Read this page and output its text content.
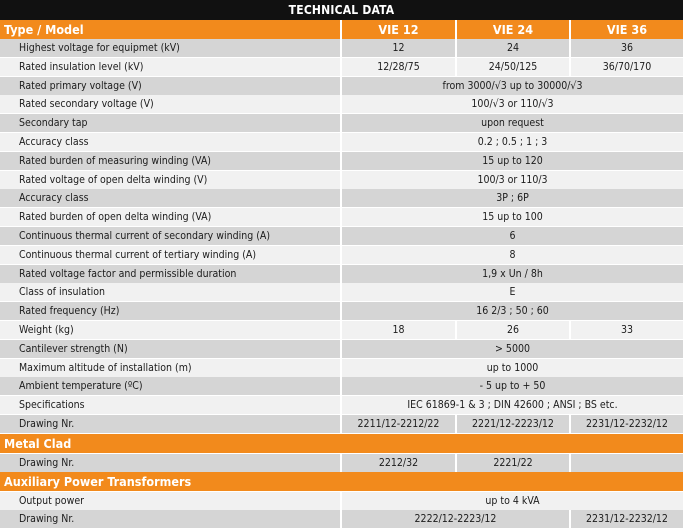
TECHNICAL DATA
Type / Model	VIE 12	VIE 24	VIE 36
Highest voltage for equipmet (kV)	12	24	36
Rated insulation level (kV)	12/28/75	24/50/125	36/70/170
Rated primary voltage (V)	from 3000/√3 up to 30000/√3
Rated secondary voltage (V)	100/√3 or 110/√3
Secondary tap	upon request
Accuracy class	0.2 ; 0.5 ; 1 ; 3
Rated burden of measuring winding (VA)	15 up to 120
Rated voltage of open delta winding (V)	100/3 or 110/3
Accuracy class	3P ; 6P
Rated burden of open delta winding (VA)	15 up to 100
Continuous thermal current of secondary winding (A)	6
Continuous thermal current of tertiary winding (A)	8
Rated voltage factor and permissible duration	1,9 x Un / 8h
Class of insulation	E
Rated frequency (Hz)	16 2/3 ; 50 ; 60
Weight (kg)	18	26	33
Cantilever strength (N)	> 5000
Maximum altitude of installation (m)	up to 1000
Ambient temperature (ºC)	- 5 up to + 50
Specifications	IEC 61869-1 & 3 ; DIN 42600 ; ANSI ; BS etc.
Drawing Nr.	2211/12-2212/22	2221/12-2223/12	2231/12-2232/12
Metal Clad
Drawing Nr.	2212/32	2221/22
Auxiliary Power Transformers
Output power	up to 4 kVA
Drawing Nr.	2222/12-2223/12	2231/12-2232/12
